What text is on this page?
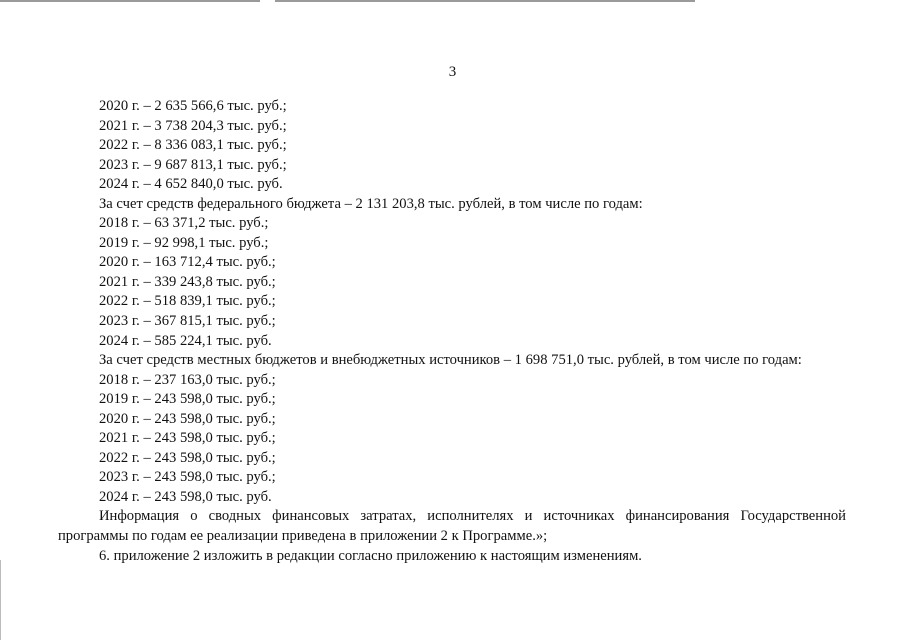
3
2020 г. – 2 635 566,6 тыс. руб.;
2021 г. – 3 738 204,3 тыс. руб.;
2022 г. – 8 336 083,1 тыс. руб.;
2023 г. – 9 687 813,1 тыс. руб.;
2024 г. – 4 652 840,0 тыс. руб.
За счет средств федерального бюджета – 2 131 203,8 тыс. рублей, в том числе по годам:
2018 г. – 63 371,2 тыс. руб.;
2019 г. – 92 998,1 тыс. руб.;
2020 г. – 163 712,4 тыс. руб.;
2021 г. – 339 243,8 тыс. руб.;
2022 г. – 518 839,1 тыс. руб.;
2023 г. – 367 815,1 тыс. руб.;
2024 г. – 585 224,1 тыс. руб.
За счет средств местных бюджетов и внебюджетных источников – 1 698 751,0 тыс. рублей, в том числе по годам:
2018 г. – 237 163,0 тыс. руб.;
2019 г. – 243 598,0 тыс. руб.;
2020 г. – 243 598,0 тыс. руб.;
2021 г. – 243 598,0 тыс. руб.;
2022 г. – 243 598,0 тыс. руб.;
2023 г. – 243 598,0 тыс. руб.;
2024 г. – 243 598,0 тыс. руб.

Информация о сводных финансовых затратах, исполнителях и источниках финансирования Государственной программы по годам ее реализации приведена в приложении 2 к Программе.»;

6. приложение 2 изложить в редакции согласно приложению к настоящим изменениям.
